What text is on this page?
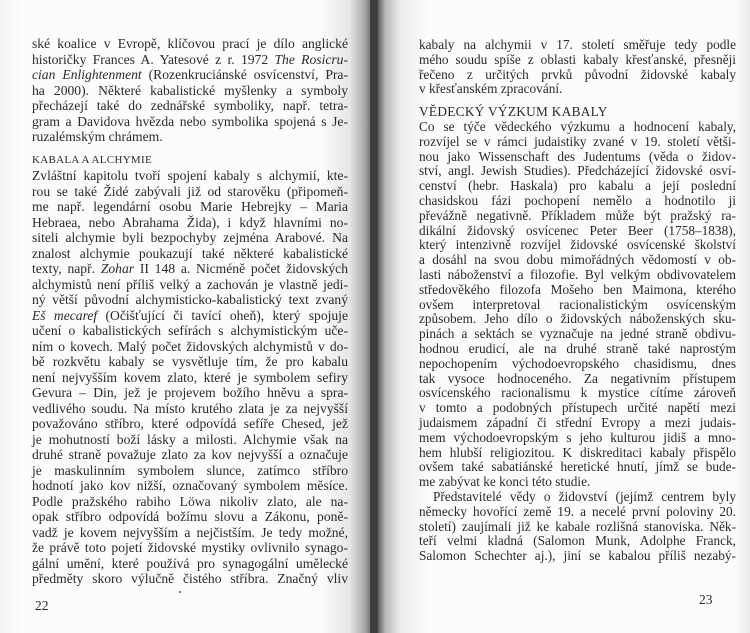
ské koalice v Evropě, klíčovou prací je dílo anglické
historičky Frances A. Yatesové z r. 1972 The Rosicru-
cian Enlightenment (Rozenkruciánské osvícenství, Pra-
ha 2000). Některé kabalistické myšlenky a symboly
přecházejí také do zednářské symboliky, např. tetra-
gram a Davidova hvězda nebo symbolika spojená s Je-
ruzalémským chrámem.
KABALA A ALCHYMIE
Zvláštní kapitolu tvoří spojení kabaly s alchymií, kte-
rou se také Židé zabývali již od starověku (připomeň-
me např. legendární osobu Marie Hebrejky – Maria
Hebraea, nebo Abrahama Žida), i když hlavními no-
siteli alchymie byli bezpochyby zejména Arabové. Na
znalost alchymie poukazují také některé kabalistické
texty, např. Zohar II 148 a. Nicméně počet židovských
alchymistů není příliš velký a zachován je vlastně jedi-
ný větší původní alchymisticko-kabalistický text zvaný
Eš mecaref (Očišťující či tavící oheň), který spojuje
učení o kabalistických sefírách s alchymistickým uče-
ním o kovech. Malý počet židovských alchymistů v do-
bě rozkvětu kabaly se vysvětluje tím, že pro kabalu
není nejvyšším kovem zlato, které je symbolem sefiry
Gevura – Din, jež je projevem božího hněvu a spra-
vedlivého soudu. Na místo krutého zlata je za nejvyšší
považováno stříbro, které odpovídá sefíře Chesed, jež
je mohutností boží lásky a milosti. Alchymie však na
druhé straně považuje zlato za kov nejvyšší a označuje
je maskulinním symbolem slunce, zatímco stříbro
hodnotí jako kov nižší, označovaný symbolem měsíce.
Podle pražského rabiho Löwa nikoliv zlato, ale na-
opak stříbro odpovídá božímu slovu a Zákonu, poně-
vadž je kovem nejvyšším a nejčistším. Je tedy možné,
že právě toto pojetí židovské mystiky ovlivnilo synago-
gální umění, které používá pro synagogální umělecké
předměty skoro výlučně čistého stříbra. Značný vliv
22
kabaly na alchymii v 17. století směřuje tedy podle
mého soudu spíše z oblasti kabaly křesťanské, přesněji
řečeno z určitých prvků původní židovské kabaly
v křesťanském zpracování.
VĚDECKÝ VÝZKUM KABALY
Co se týče vědeckého výzkumu a hodnocení kabaly,
rozvíjel se v rámci judaistiky zvané v 19. století větši-
nou jako Wissenschaft des Judentums (věda o židov-
ství, angl. Jewish Studies). Předcházející židovské osví-
cenství (hebr. Haskala) pro kabalu a její poslední
chasidskou fázi pochopení nemělo a hodnotilo ji
převážně negativně. Příkladem může být pražský ra-
dikální židovský osvícenec Peter Beer (1758–1838),
který intenzivně rozvíjel židovské osvícenské školství
a dosáhl na svou dobu mimořádných vědomostí v ob-
lasti náboženství a filozofie. Byl velkým obdivovatelem
středověkého filozofa Mošeho ben Maimona, kterého
ovšem interpretoval racionalistickým osvícenským
způsobem. Jeho dílo o židovských náboženských sku-
pinách a sektách se vyznačuje na jedné straně obdivu-
hodnou erudicí, ale na druhé straně také naprostým
nepochopením východoevropského chasidismu, dnes
tak vysoce hodnoceného. Za negativním přístupem
osvícenského racionalismu k mystice cítíme zároveň
v tomto a podobných přístupech určité napětí mezi
judaismem západní či střední Evropy a mezi judais-
mem východoevropským s jeho kulturou jidiš a mno-
hem hlubší religiozitou. K diskreditaci kabaly přispělo
ovšem také sabatiánské heretické hnutí, jímž se bude-
me zabývat ke konci této studie.
Představitelé vědy o židovství (jejímž centrem byly
německy hovořící země 19. a necelé první poloviny 20.
století) zaujímali již ke kabale rozlišná stanoviska. Něk-
teří velmi kladná (Salomon Munk, Adolphe Franck,
Salomon Schechter aj.), jiní se kabalou příliš nezabý-
23
